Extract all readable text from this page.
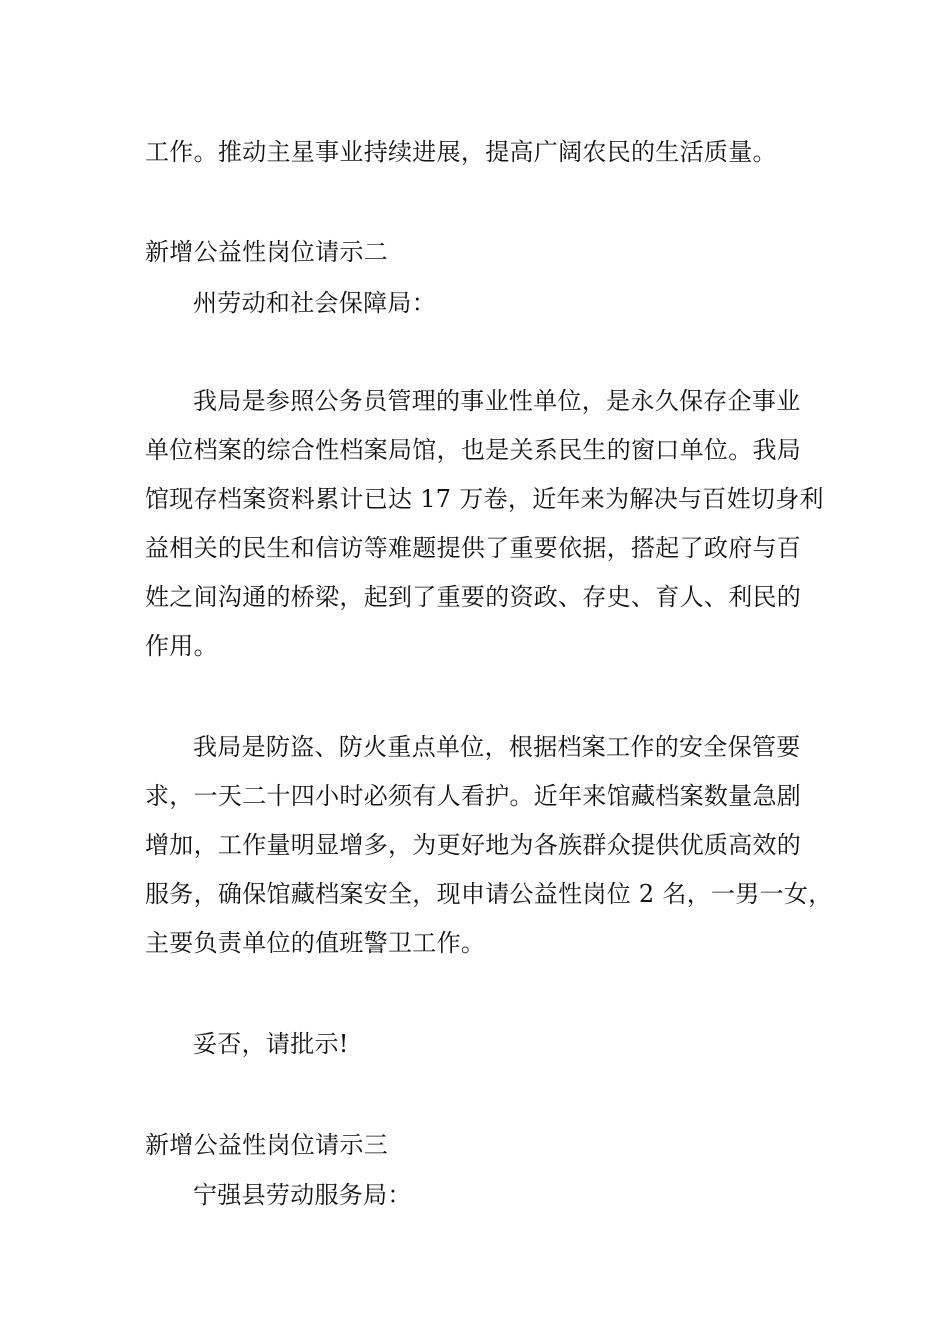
工作。推动主星事业持续进展，提高广阔农民的生活质量。
新增公益性岗位请示二
州劳动和社会保障局：
我局是参照公务员管理的事业性单位，是永久保存企事业
单位档案的综合性档案局馆，也是关系民生的窗口单位。我局
馆现存档案资料累计已达 17 万卷，近年来为解决与百姓切身利
益相关的民生和信访等难题提供了重要依据，搭起了政府与百
姓之间沟通的桥梁，起到了重要的资政、存史、育人、利民的
作用。
我局是防盗、防火重点单位，根据档案工作的安全保管要
求，一天二十四小时必须有人看护。近年来馆藏档案数量急剧
增加，工作量明显增多，为更好地为各族群众提供优质高效的
服务，确保馆藏档案安全，现申请公益性岗位 2 名，一男一女，
主要负责单位的值班警卫工作。
妥否，请批示!
新增公益性岗位请示三
宁强县劳动服务局：
